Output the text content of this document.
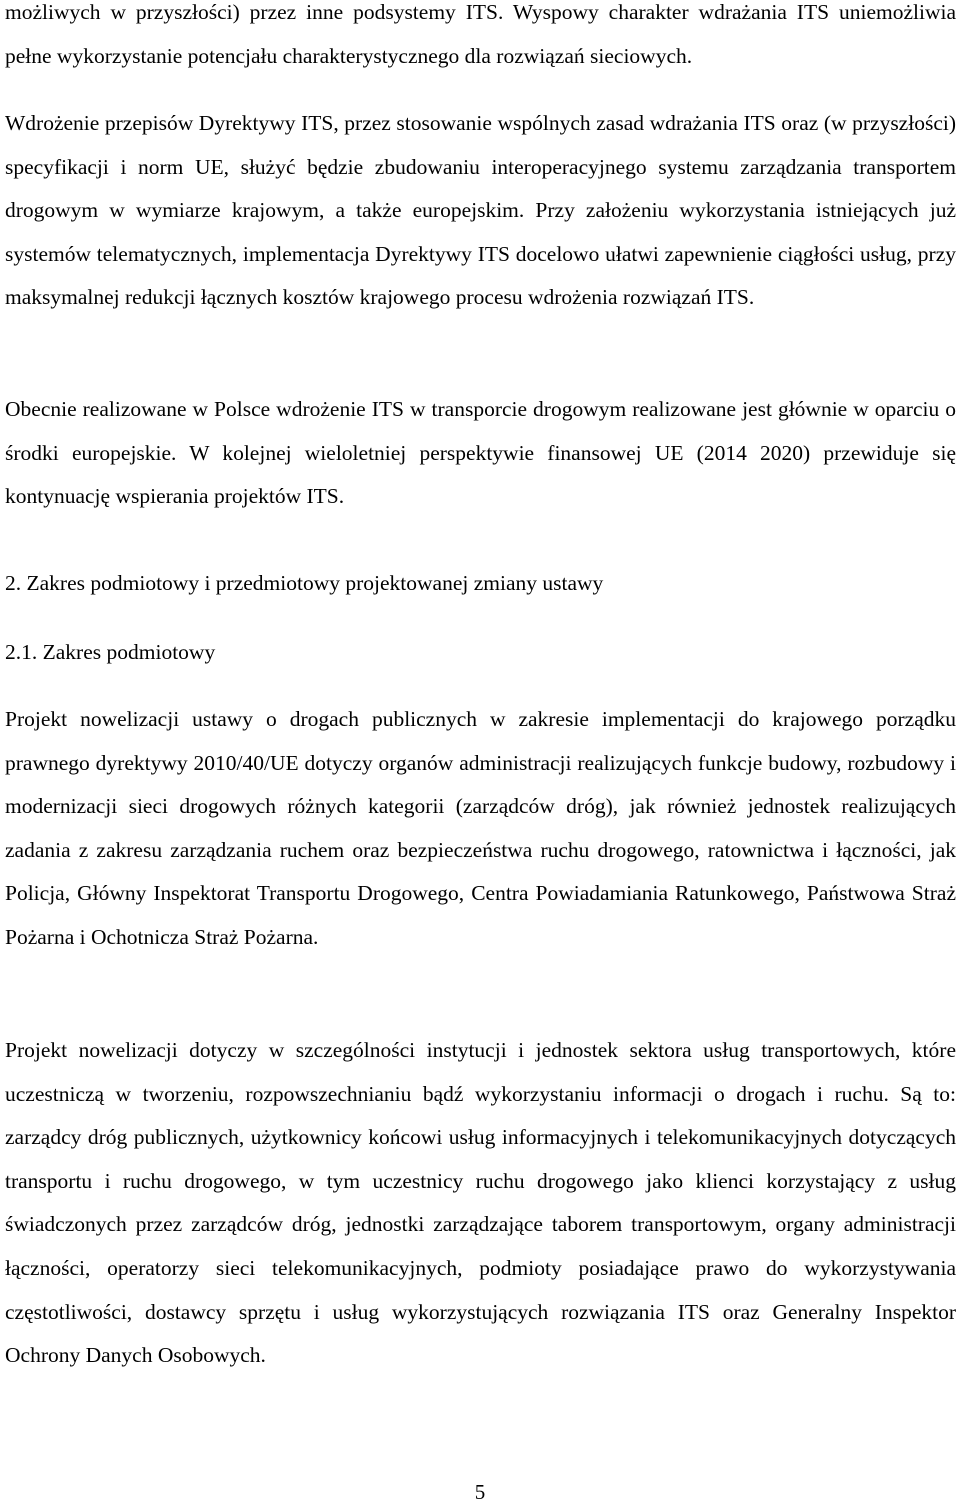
możliwych w przyszłości) przez inne podsystemy ITS. Wyspowy charakter wdrażania ITS uniemożliwia pełne wykorzystanie potencjału charakterystycznego dla rozwiązań sieciowych.

Wdrożenie przepisów Dyrektywy ITS, przez stosowanie wspólnych zasad wdrażania ITS oraz (w przyszłości) specyfikacji i norm UE, służyć będzie zbudowaniu interoperacyjnego systemu zarządzania transportem drogowym w wymiarze krajowym, a także europejskim. Przy założeniu wykorzystania istniejących już systemów telematycznych, implementacja Dyrektywy ITS docelowo ułatwi zapewnienie ciągłości usług, przy maksymalnej redukcji łącznych kosztów krajowego procesu wdrożenia rozwiązań ITS.

Obecnie realizowane w Polsce wdrożenie ITS w transporcie drogowym realizowane jest głównie w oparciu o środki europejskie. W kolejnej wieloletniej perspektywie finansowej UE (2014 2020) przewiduje się kontynuację wspierania projektów ITS.

2. Zakres podmiotowy i przedmiotowy projektowanej zmiany ustawy
2.1. Zakres podmiotowy

Projekt nowelizacji ustawy o drogach publicznych w zakresie implementacji do krajowego porządku prawnego dyrektywy 2010/40/UE dotyczy organów administracji realizujących funkcje budowy, rozbudowy i modernizacji sieci drogowych różnych kategorii (zarządców dróg), jak również jednostek realizujących zadania z zakresu zarządzania ruchem oraz bezpieczeństwa ruchu drogowego, ratownictwa i łączności, jak Policja, Główny Inspektorat Transportu Drogowego, Centra Powiadamiania Ratunkowego, Państwowa Straż Pożarna i Ochotnicza Straż Pożarna.

Projekt nowelizacji dotyczy w szczególności instytucji i jednostek sektora usług transportowych, które uczestniczą w tworzeniu, rozpowszechnianiu bądź wykorzystaniu informacji o drogach i ruchu. Są to: zarządcy dróg publicznych, użytkownicy końcowi usług informacyjnych i telekomunikacyjnych dotyczących transportu i ruchu drogowego, w tym uczestnicy ruchu drogowego jako klienci korzystający z usług świadczonych przez zarządców dróg, jednostki zarządzające taborem transportowym, organy administracji łączności, operatorzy sieci telekomunikacyjnych, podmioty posiadające prawo do wykorzystywania częstotliwości, dostawcy sprzętu i usług wykorzystujących rozwiązania ITS oraz Generalny Inspektor Ochrony Danych Osobowych.

5
